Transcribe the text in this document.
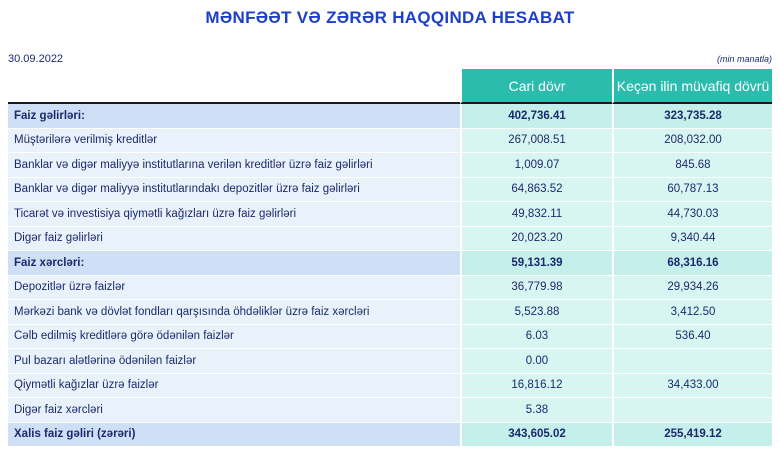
MƏNFƏƏT VƏ ZƏRƏR HAQQINDA HESABAT
30.09.2022	(min manatla)
	Cari dövr	Keçən ilin müvafiq dövrü
Faiz gəlirləri:	402,736.41	323,735.28
Müştərilərə verilmiş kreditlər	267,008.51	208,032.00
Banklar və digər maliyyə institutlarına verilən kreditlər üzrə faiz gəlirləri	1,009.07	845.68
Banklar və digər maliyyə institutlarındakı depozitlər üzrə faiz gəlirləri	64,863.52	60,787.13
Ticarət və investisiya qiymətli kağızları üzrə faiz gəlirləri	49,832.11	44,730.03
Digər faiz gəlirləri	20,023.20	9,340.44
Faiz xərcləri:	59,131.39	68,316.16
Depozitlər üzrə faizlər	36,779.98	29,934.26
Mərkəzi bank və dövlət fondları qarşısında öhdəliklər üzrə faiz xərcləri	5,523.88	3,412.50
Cəlb edilmiş kreditlərə görə ödənilən faizlər	6.03	536.40
Pul bazarı alətlərinə ödənilən faizlər	0.00	
Qiymətli kağızlar üzrə faizlər	16,816.12	34,433.00
Digər faiz xərcləri	5.38	
Xalis faiz gəliri (zərəri)	343,605.02	255,419.12
